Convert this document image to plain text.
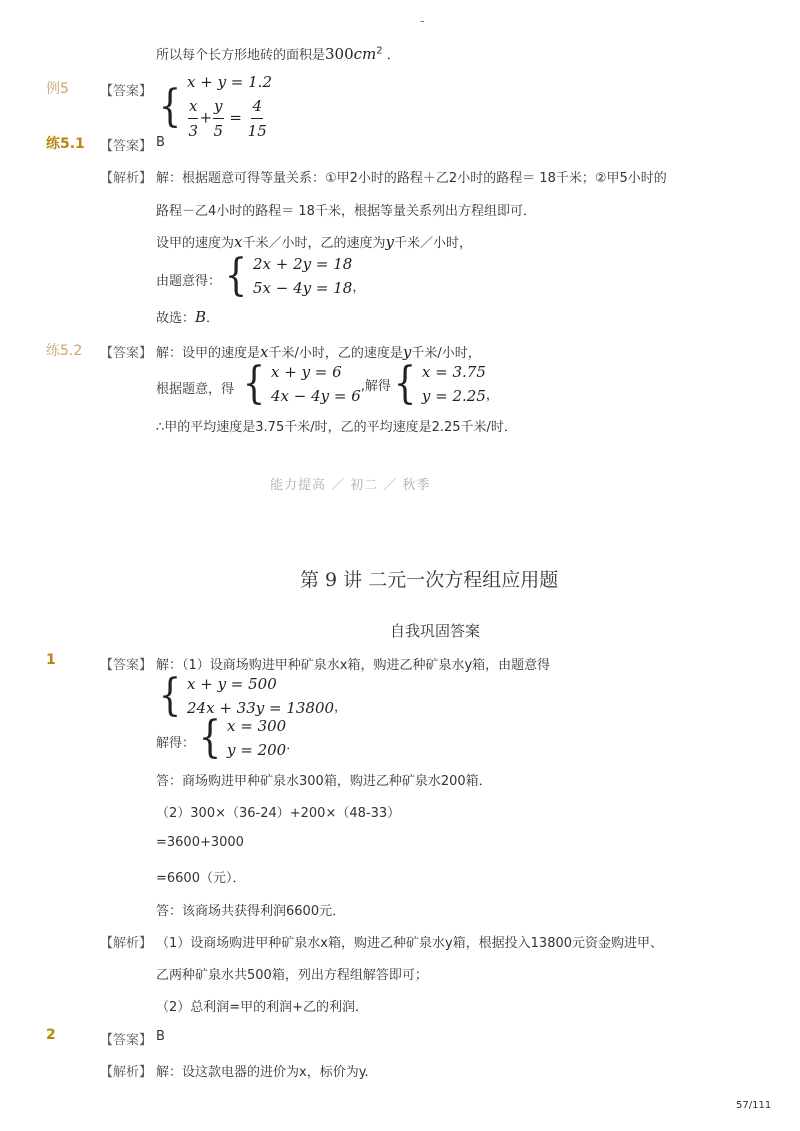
-
所以每个长方形地砖的面积是$300cm^2$ ．
例5 【答案】 { x + y = 1.2
$\frac{x}{3} + \frac{y}{5} = \frac{4}{15}$
练5.1 【答案】 B
【解析】 解：根据题意可得等量关系：①甲2小时的路程＋乙2小时的路程＝ 18千米；②甲5小时的
路程－乙4小时的路程＝ 18千米，根据等量关系列出方程组即可．
设甲的速度为x千米／小时，乙的速度为y千米／小时，
由题意得： { 2x + 2y = 18
5x − 4y = 18 ，
故选：B．
练5.2 【答案】 解：设甲的速度是x千米/小时，乙的速度是y千米/小时，
根据题意，得 { x + y = 6
4x − 4y = 6
,解得 { x = 3.75
y = 2.25 ，
∴甲的平均速度是3.75千米/时，乙的平均速度是2.25千米/时．
能力提高 ／ 初二 ／ 秋季
第 9 讲 二元一次方程组应用题
自我巩固答案
1	【答案】 解：（1）设商场购进甲种矿泉水x箱，购进乙种矿泉水y箱，由题意得
{ x + y = 500
24x + 33y = 13800 ，
解得： { x = 300
y = 200 ．
答：商场购进甲种矿泉水300箱，购进乙种矿泉水200箱．
（2）300×（36-24）+200×（48-33）
=3600+3000
=6600（元）．
答：该商场共获得利润6600元．
【解析】 （1）设商场购进甲种矿泉水x箱，购进乙种矿泉水y箱，根据投入13800元资金购进甲、
乙两种矿泉水共500箱，列出方程组解答即可；
（2）总利润=甲的利润+乙的利润．
2	【答案】 B
【解析】 解：设这款电器的进价为x，标价为y.
57/111
